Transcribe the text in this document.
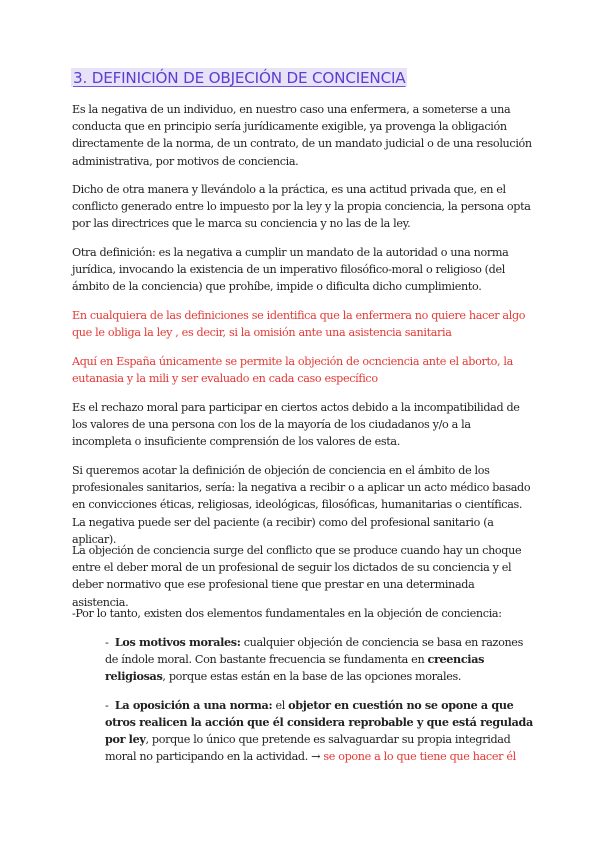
3. DEFINICIÓN DE OBJECIÓN DE CONCIENCIA

Es la negativa de un individuo, en nuestro caso una enfermera, a someterse a una conducta que en principio sería jurídicamente exigible, ya provenga la obligación directamente de la norma, de un contrato, de un mandato judicial o de una resolución administrativa, por motivos de conciencia.

Dicho de otra manera y llevándolo a la práctica, es una actitud privada que, en el conflicto generado entre lo impuesto por la ley y la propia conciencia, la persona opta por las directrices que le marca su conciencia y no las de la ley.

Otra definición: es la negativa a cumplir un mandato de la autoridad o una norma jurídica, invocando la existencia de un imperativo filosófico-moral o religioso (del ámbito de la conciencia) que prohíbe, impide o dificulta dicho cumplimiento.

En cualquiera de las definiciones se identifica que la enfermera no quiere hacer algo que le obliga la ley , es decir, si la omisión ante una asistencia sanitaria

Aquí en España únicamente se permite la objeción de ocnciencia ante el aborto, la eutanasia y la mili y ser evaluado en cada caso específico

Es el rechazo moral para participar en ciertos actos debido a la incompatibilidad de los valores de una persona con los de la mayoría de los ciudadanos y/o a la incompleta o insuficiente comprensión de los valores de esta.

Si queremos acotar la definición de objeción de conciencia en el ámbito de los profesionales sanitarios, sería: la negativa a recibir o a aplicar un acto médico basado en convicciones éticas, religiosas, ideológicas, filosóficas, humanitarias o científicas. La negativa puede ser del paciente (a recibir) como del profesional sanitario (a aplicar).

La objeción de conciencia surge del conflicto que se produce cuando hay un choque entre el deber moral de un profesional de seguir los dictados de su conciencia y el deber normativo que ese profesional tiene que prestar en una determinada asistencia.

-Por lo tanto, existen dos elementos fundamentales en la objeción de conciencia:

- Los motivos morales: cualquier objeción de conciencia se basa en razones de índole moral. Con bastante frecuencia se fundamenta en creencias religiosas, porque estas están en la base de las opciones morales.

- La oposición a una norma: el objetor en cuestión no se opone a que otros realicen la acción que él considera reprobable y que está regulada por ley, porque lo único que pretende es salvaguardar su propia integridad moral no participando en la actividad. → se opone a lo que tiene que hacer él
